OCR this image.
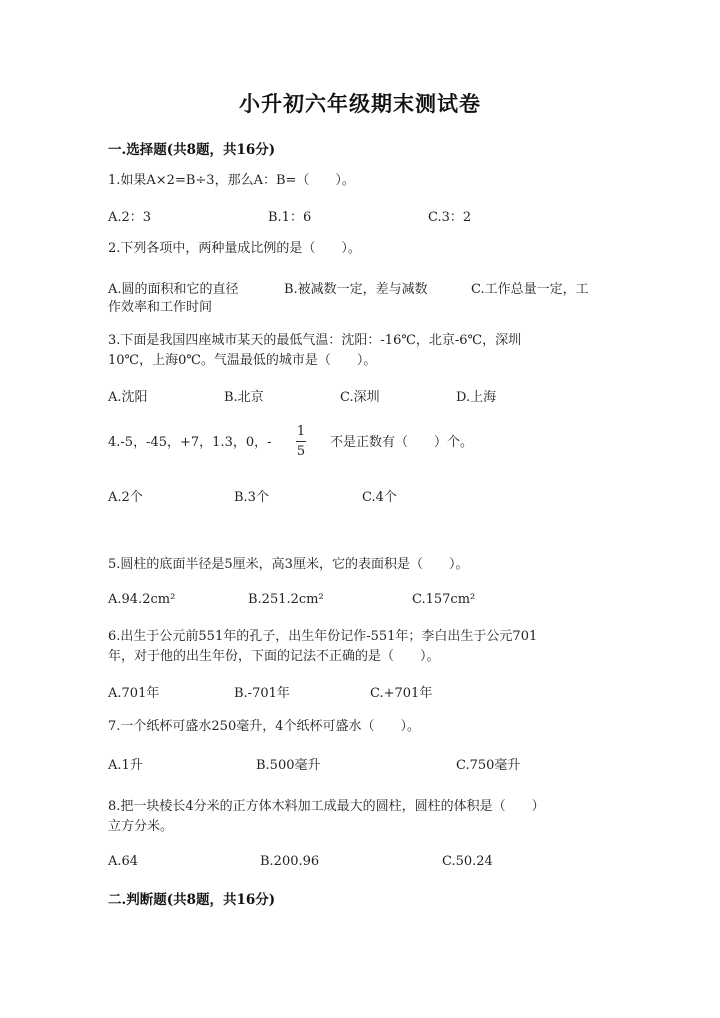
小升初六年级期末测试卷
一.选择题(共8题，共16分)
1.如果A×2=B÷3，那么A：B=（　　）。
A.2：3	B.1：6	C.3：2
2.下列各项中，两种量成比例的是（　　）。
A.圆的面积和它的直径	B.被减数一定，差与减数	C.工作总量一定，工
作效率和工作时间
3.下面是我国四座城市某天的最低气温：沈阳：-16℃，北京-6℃，深圳
10℃，上海0℃。气温最低的城市是（　　）。
A.沈阳	B.北京	C.深圳	D.上海
4.-5，-45，+7，1.3，0，-
1
5
不是正数有（　　）个。
A.2个	B.3个	C.4个
5.圆柱的底面半径是5厘米，高3厘米，它的表面积是（　　）。
A.94.2cm²	B.251.2cm²	C.157cm²
6.出生于公元前551年的孔子，出生年份记作-551年；李白出生于公元701
年，对于他的出生年份，下面的记法不正确的是（　　）。
A.701年	B.-701年	C.+701年
7.一个纸杯可盛水250毫升，4个纸杯可盛水（　　）。
A.1升	B.500毫升	C.750毫升
8.把一块棱长4分米的正方体木料加工成最大的圆柱，圆柱的体积是（　　）
立方分米。
A.64	B.200.96	C.50.24
二.判断题(共8题，共16分)
